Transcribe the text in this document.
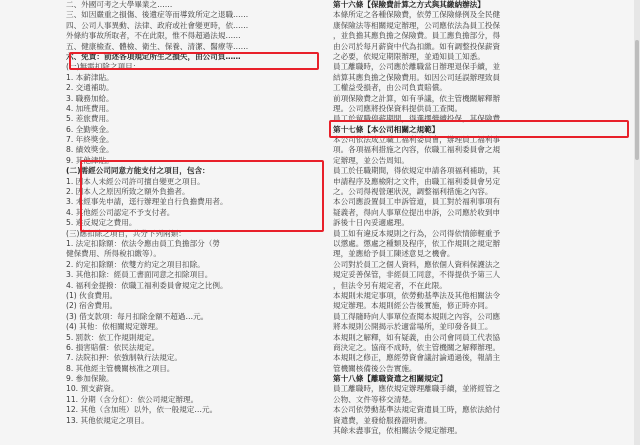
二、外國可考之大學畢業之……
三、如因嚴重之損傷、後遺症等而導致所定之退職……
四、公司人事異動、法律、政府或社會變更時，依……
外條約事故所取者，不在此限，惟不得超過法規……
五、健康檢查、體檢、衛生、保養、清潔、醫療等……
六、免責：前述各項規定所生之損失，由公司負……
(一)無需扣除之項目：
1. 本薪津貼。
2. 交通補助。
3. 職務加給。
4. 加班費用。
5. 差旅費用。
6. 全勤獎金。
7. 年終獎金。
8. 績效獎金。
9. 其他津貼。
(二)需經公司同意方能支付之項目，包含：
1. 因本人未經公司許可擅自變更之項目。
2. 因本人之原因所致之額外負擔者。
3. 未經事先申請，逕行辦理並自行負擔費用者。
4. 其他經公司認定不予支付者。
5. 違反規定之費用。
(三)應扣除之項目，共分下列兩類：
1. 法定扣除額：依法令應由員工負擔部分（勞
健保費用、所得稅扣繳等）。
2. 約定扣除額：依雙方約定之項目扣除。
3. 其他扣除：經員工書面同意之扣除項目。
4. 福利金提撥：依職工福利委員會規定之比例。
(1) 伙食費用。
(2) 宿舍費用。
(3) 借支款項：每月扣除金額不超過…元。
(4) 其他：依相關規定辦理。
5. 罰款：依工作規則規定。
6. 損害賠償：依民法規定。
7. 法院扣押：依強制執行法規定。
8. 其他經主管機關核准之項目。
9. 參加保險。
10. 預支薪資。
11. 分期（含分紅）：依公司規定辦理。
12. 其他（含加班）以外，依一般規定…元。
13. 其他依規定之項目。
第十六條【保險費計算之方式與其繳納辦法】
本條所定之各種保險費，依勞工保險條例及全民健
康保險法等相關規定辦理，公司應依法為員工投保
，並負擔其應負擔之保險費。員工應負擔部分，得
由公司於每月薪資中代為扣繳。如有調整投保薪資
之必要，依規定期限辦理，並通知員工知悉。
員工離職時，公司應於離職當日辦理退保手續，並
結算其應負擔之保險費用。如因公司延誤辦理致員
工權益受損者，由公司負責賠償。
前項保險費之計算，如有爭議，依主管機關解釋辦
理。公司應將投保資料提供員工查閱。
員工於留職停薪期間，得選擇繼續投保，其保險費
第十七條【本公司相關之規範】
本公司依法成立職工福利委員會，辦理員工福利事
項。各項福利措施之內容，依職工福利委員會之規
定辦理，並公告周知。
員工於任職期間，得依規定申請各項福利補助，其
申請程序及應檢附之文件，由職工福利委員會另定
之。公司得視營運狀況，調整福利措施之內容。
本公司應設置員工申訴管道，員工對於福利事項有
疑義者，得向人事單位提出申訴，公司應於收到申
訴後十日內妥適處理。
員工如有違反本規則之行為，公司得依情節輕重予
以懲處。懲處之種類及程序，依工作規則之規定辦
理，並應給予員工陳述意見之機會。
公司對於員工之個人資料，應依個人資料保護法之
規定妥善保管，非經員工同意，不得提供予第三人
，但法令另有規定者，不在此限。
本規則未規定事項，依勞動基準法及其他相關法令
規定辦理。本規則經公告後實施，修正時亦同。
員工得隨時向人事單位查閱本規則之內容，公司應
將本規則公開揭示於適當場所，並印發各員工。
本規則之解釋，如有疑義，由公司會同員工代表協
商決定之。協商不成時，依主管機關之解釋辦理。
本規則之修正，應經勞資會議討論通過後，報請主
管機關核備後公告實施。
第十八條【離職資遣之相關規定】
員工離職時，應依規定辦理離職手續，並將經管之
公物、文件等移交清楚。
本公司依勞動基準法規定資遣員工時，應依法給付
資遣費，並發給服務證明書。
其餘未盡事宜，依相關法令規定辦理。
